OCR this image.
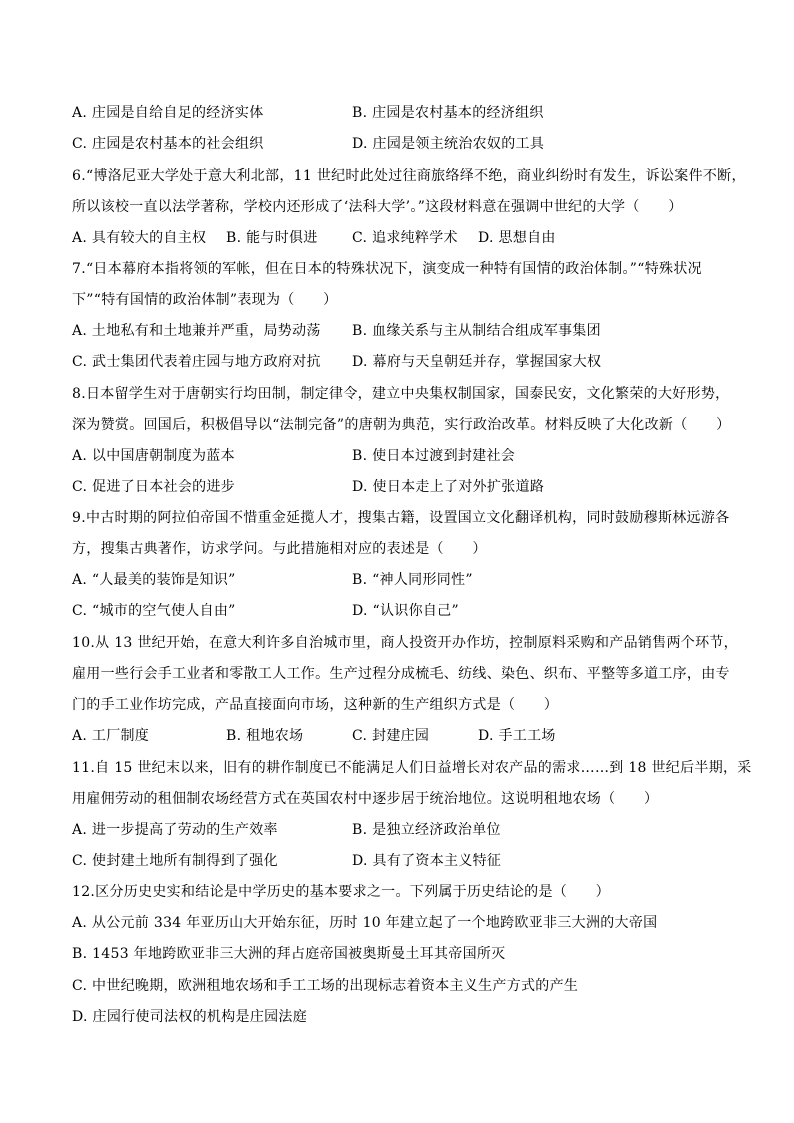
A. 庄园是自给自足的经济实体	B. 庄园是农村基本的经济组织
C. 庄园是农村基本的社会组织	D. 庄园是领主统治农奴的工具
6.“博洛尼亚大学处于意大利北部，11 世纪时此处过往商旅络绎不绝，商业纠纷时有发生，诉讼案件不断，
所以该校一直以法学著称，学校内还形成了‘法科大学’。”这段材料意在强调中世纪的大学（　　）
A. 具有较大的自主权 B. 能与时俱进 C. 追求纯粹学术 D. 思想自由
7.“日本幕府本指将领的军帐，但在日本的特殊状况下，演变成一种特有国情的政治体制。”“特殊状况
下”“特有国情的政治体制”表现为（　　）
A. 土地私有和土地兼并严重，局势动荡 B. 血缘关系与主从制结合组成军事集团
C. 武士集团代表着庄园与地方政府对抗 D. 幕府与天皇朝廷并存，掌握国家大权
8.日本留学生对于唐朝实行均田制，制定律令，建立中央集权制国家，国泰民安，文化繁荣的大好形势，
深为赞赏。回国后，积极倡导以“法制完备”的唐朝为典范，实行政治改革。材料反映了大化改新（　　）
A. 以中国唐朝制度为蓝本	B. 使日本过渡到封建社会
C. 促进了日本社会的进步	D. 使日本走上了对外扩张道路
9.中古时期的阿拉伯帝国不惜重金延揽人才，搜集古籍，设置国立文化翻译机构，同时鼓励穆斯林远游各
方，搜集古典著作，访求学问。与此措施相对应的表述是（　　）
A. “人最美的装饰是知识”	B. “神人同形同性”
C. “城市的空气使人自由”	D. “认识你自己”
10.从 13 世纪开始，在意大利许多自治城市里，商人投资开办作坊，控制原料采购和产品销售两个环节，
雇用一些行会手工业者和零散工人工作。生产过程分成梳毛、纺线、染色、织布、平整等多道工序，由专
门的手工业作坊完成，产品直接面向市场，这种新的生产组织方式是（　　）
A. 工厂制度	B. 租地农场	C. 封建庄园	D. 手工工场
11.自 15 世纪末以来，旧有的耕作制度已不能满足人们日益增长对农产品的需求……到 18 世纪后半期，采
用雇佣劳动的租佃制农场经营方式在英国农村中逐步居于统治地位。这说明租地农场（　　）
A. 进一步提高了劳动的生产效率	B. 是独立经济政治单位
C. 使封建土地所有制得到了强化	D. 具有了资本主义特征
12.区分历史史实和结论是中学历史的基本要求之一。下列属于历史结论的是（　　）
A. 从公元前 334 年亚历山大开始东征，历时 10 年建立起了一个地跨欧亚非三大洲的大帝国
B. 1453 年地跨欧亚非三大洲的拜占庭帝国被奥斯曼土耳其帝国所灭
C. 中世纪晚期，欧洲租地农场和手工工场的出现标志着资本主义生产方式的产生
D. 庄园行使司法权的机构是庄园法庭
